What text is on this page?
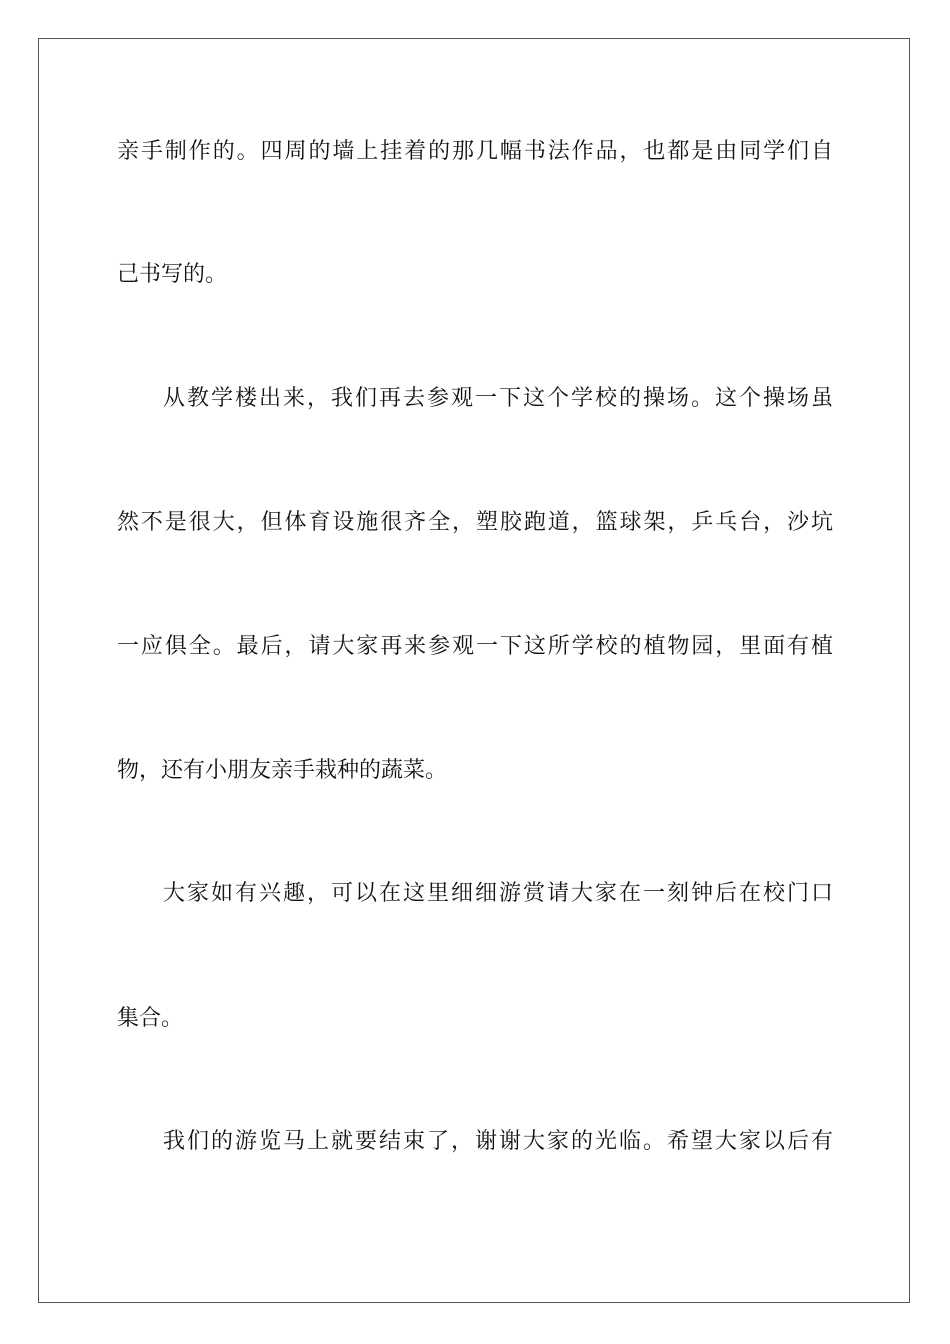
亲手制作的。四周的墙上挂着的那几幅书法作品，也都是由同学们自
己书写的。
从教学楼出来，我们再去参观一下这个学校的操场。这个操场虽
然不是很大，但体育设施很齐全，塑胶跑道，篮球架，乒乓台，沙坑
一应俱全。最后，请大家再来参观一下这所学校的植物园，里面有植
物，还有小朋友亲手栽种的蔬菜。
大家如有兴趣，可以在这里细细游赏请大家在一刻钟后在校门口
集合。
我们的游览马上就要结束了，谢谢大家的光临。希望大家以后有
